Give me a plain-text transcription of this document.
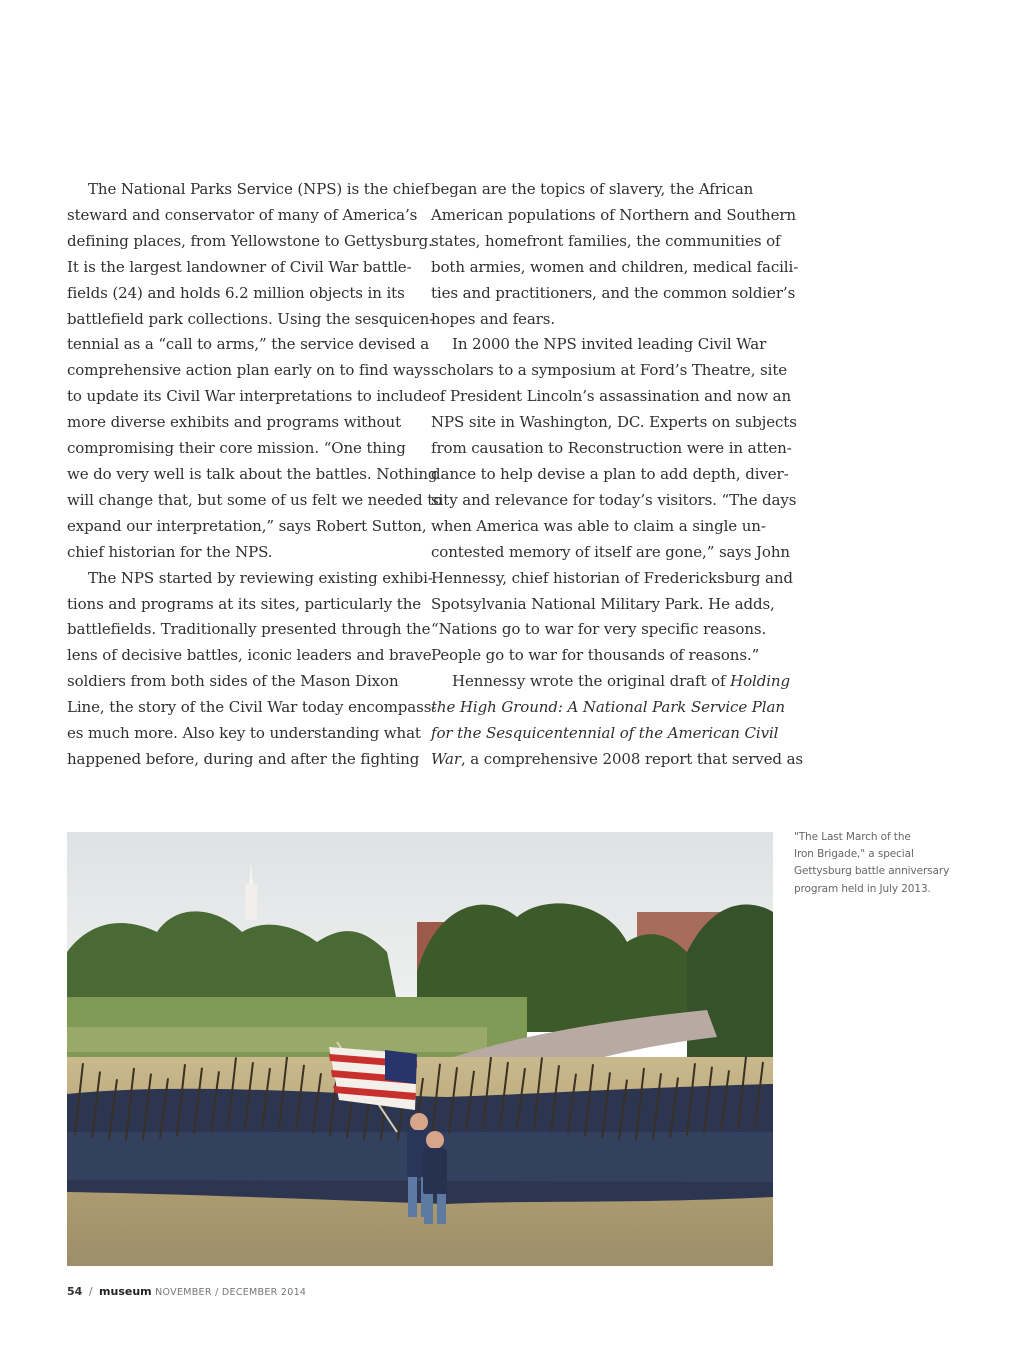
The National Parks Service (NPS) is the chief
steward and conservator of many of America’s
defining places, from Yellowstone to Gettysburg.
It is the largest landowner of Civil War battle-
fields (24) and holds 6.2 million objects in its
battlefield park collections. Using the sesquicen-
tennial as a “call to arms,” the service devised a
comprehensive action plan early on to find ways
to update its Civil War interpretations to include
more diverse exhibits and programs without
compromising their core mission. “One thing
we do very well is talk about the battles. Nothing
will change that, but some of us felt we needed to
expand our interpretation,” says Robert Sutton,
chief historian for the NPS.
The NPS started by reviewing existing exhibi-
tions and programs at its sites, particularly the
battlefields. Traditionally presented through the
lens of decisive battles, iconic leaders and brave
soldiers from both sides of the Mason Dixon
Line, the story of the Civil War today encompass-
es much more. Also key to understanding what
happened before, during and after the fighting
began are the topics of slavery, the African
American populations of Northern and Southern
states, homefront families, the communities of
both armies, women and children, medical facili-
ties and practitioners, and the common soldier’s
hopes and fears.
In 2000 the NPS invited leading Civil War
scholars to a symposium at Ford’s Theatre, site
of President Lincoln’s assassination and now an
NPS site in Washington, DC. Experts on subjects
from causation to Reconstruction were in atten-
dance to help devise a plan to add depth, diver-
sity and relevance for today’s visitors. “The days
when America was able to claim a single un-
contested memory of itself are gone,” says John
Hennessy, chief historian of Fredericksburg and
Spotsylvania National Military Park. He adds,
“Nations go to war for very specific reasons.
People go to war for thousands of reasons.”
Hennessy wrote the original draft of Holding
the High Ground: A National Park Service Plan
for the Sesquicentennial of the American Civil
War, a comprehensive 2008 report that served as
"The Last March of the
Iron Brigade," a special
Gettysburg battle anniversary
program held in July 2013.
54 / museum NOVEMBER / DECEMBER 2014
